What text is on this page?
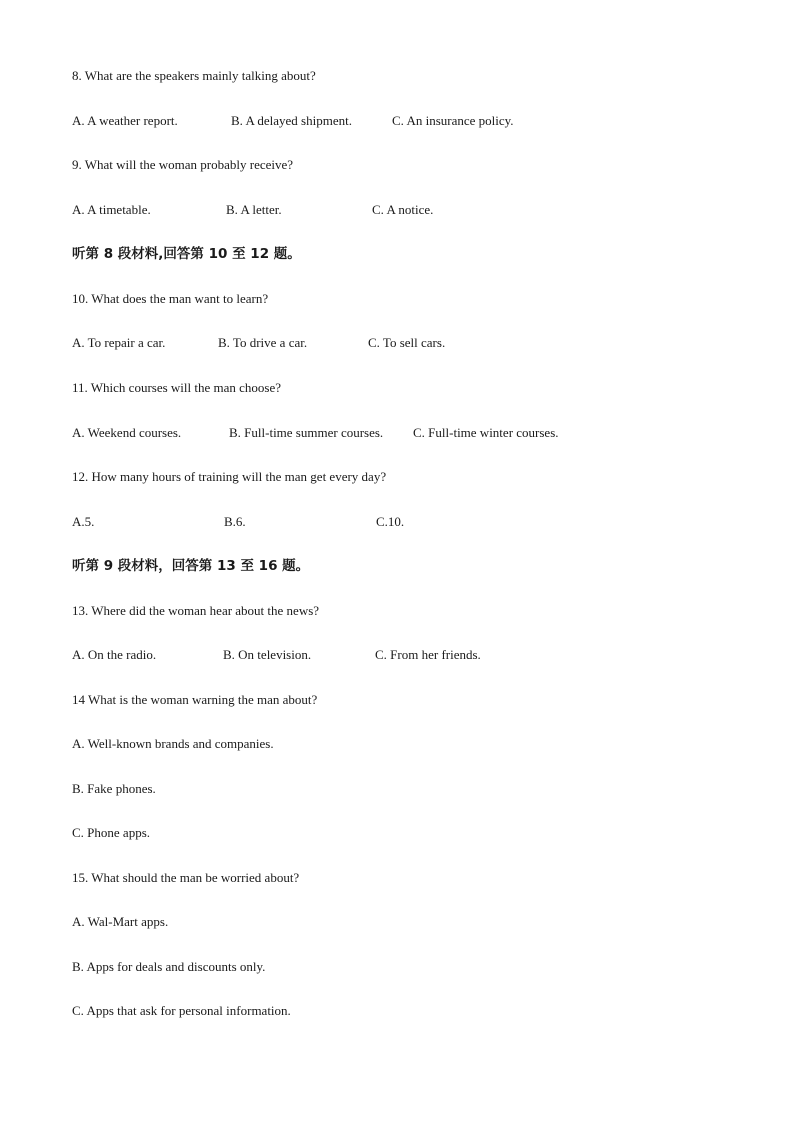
8. What are the speakers mainly talking about?
A. A weather report.	B. A delayed shipment.	C. An insurance policy.
9. What will the woman probably receive?
A. A timetable.	B. A letter.	C. A notice.
听第 8 段材料,回答第 10 至 12 题。
10. What does the man want to learn?
A. To repair a car.	B. To drive a car.	C. To sell cars.
11. Which courses will the man choose?
A. Weekend courses.	B. Full-time summer courses. C. Full-time winter courses.
12. How many hours of training will the man get every day?
A.5.	B.6.	C.10.
听第 9 段材料，回答第 13 至 16 题。
13. Where did the woman hear about the news?
A. On the radio.	B. On television.	C. From her friends.
14 What is the woman warning the man about?
A. Well-known brands and companies.
B. Fake phones.
C. Phone apps.
15. What should the man be worried about?
A. Wal-Mart apps.
B. Apps for deals and discounts only.
C. Apps that ask for personal information.
